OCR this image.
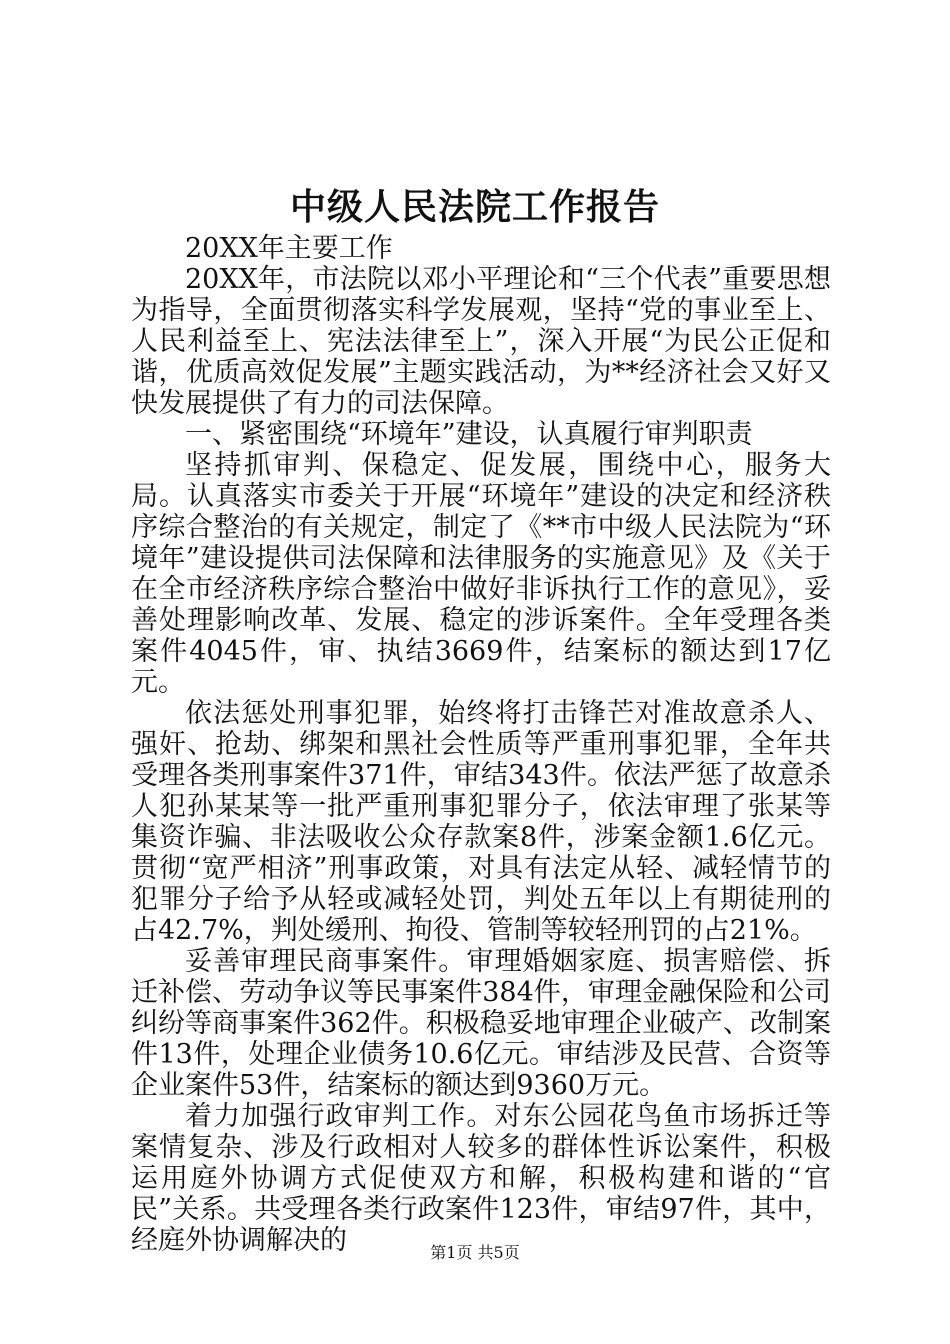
中级人民法院工作报告

20XX年主要工作

20XX年，市法院以邓小平理论和“三个代表”重要思想为指导，全面贯彻落实科学发展观，坚持“党的事业至上、人民利益至上、宪法法律至上”，深入开展“为民公正促和谐，优质高效促发展”主题实践活动，为**经济社会又好又快发展提供了有力的司法保障。

一、紧密围绕“环境年”建设，认真履行审判职责

坚持抓审判、保稳定、促发展，围绕中心，服务大局。认真落实市委关于开展“环境年”建设的决定和经济秩序综合整治的有关规定，制定了《**市中级人民法院为“环境年”建设提供司法保障和法律服务的实施意见》及《关于在全市经济秩序综合整治中做好非诉执行工作的意见》，妥善处理影响改革、发展、稳定的涉诉案件。全年受理各类案件4045件，审、执结3669件，结案标的额达到17亿元。

依法惩处刑事犯罪，始终将打击锋芒对准故意杀人、强奸、抢劫、绑架和黑社会性质等严重刑事犯罪，全年共受理各类刑事案件371件，审结343件。依法严惩了故意杀人犯孙某某等一批严重刑事犯罪分子，依法审理了张某等集资诈骗、非法吸收公众存款案8件，涉案金额1.6亿元。贯彻“宽严相济”刑事政策，对具有法定从轻、减轻情节的犯罪分子给予从轻或减轻处罚，判处五年以上有期徒刑的占42.7%，判处缓刑、拘役、管制等较轻刑罚的占21%。

妥善审理民商事案件。审理婚姻家庭、损害赔偿、拆迁补偿、劳动争议等民事案件384件，审理金融保险和公司纠纷等商事案件362件。积极稳妥地审理企业破产、改制案件13件，处理企业债务10.6亿元。审结涉及民营、合资等企业案件53件，结案标的额达到9360万元。

着力加强行政审判工作。对东公园花鸟鱼市场拆迁等案情复杂、涉及行政相对人较多的群体性诉讼案件，积极运用庭外协调方式促使双方和解，积极构建和谐的“官民”关系。共受理各类行政案件123件，审结97件，其中，经庭外协调解决的	第1页 共5页
